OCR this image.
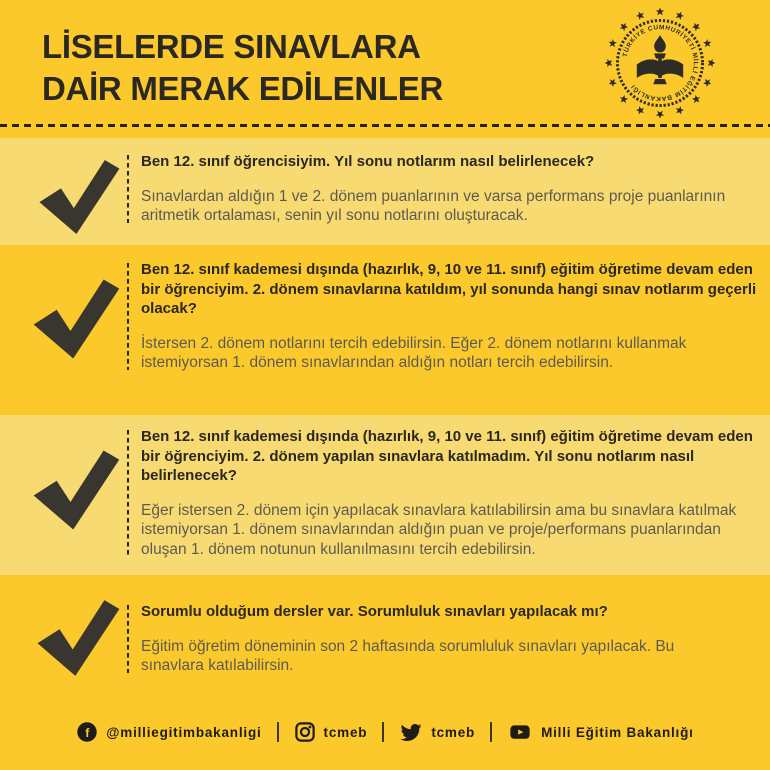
LİSELERDE SINAVLARA
DAİR MERAK EDİLENLER
TÜRKİYE CUMHURİYETİ MİLLİ EĞİTİM BAKANLIĞI
Ben 12. sınıf öğrencisiyim. Yıl sonu notlarım nasıl belirlenecek?
Sınavlardan aldığın 1 ve 2. dönem puanlarının ve varsa performans proje puanlarının aritmetik ortalaması, senin yıl sonu notlarını oluşturacak.
Ben 12. sınıf kademesi dışında (hazırlık, 9, 10 ve 11. sınıf) eğitim öğretime devam eden bir öğrenciyim. 2. dönem sınavlarına katıldım, yıl sonunda hangi sınav notlarım geçerli olacak?
İstersen 2. dönem notlarını tercih edebilirsin. Eğer 2. dönem notlarını kullanmak istemiyorsan 1. dönem sınavlarından aldığın notları tercih edebilirsin.
Ben 12. sınıf kademesi dışında (hazırlık, 9, 10 ve 11. sınıf) eğitim öğretime devam eden bir öğrenciyim. 2. dönem yapılan sınavlara katılmadım. Yıl sonu notlarım nasıl belirlenecek?
Eğer istersen 2. dönem için yapılacak sınavlara katılabilirsin ama bu sınavlara katılmak istemiyorsan 1. dönem sınavlarından aldığın puan ve proje/performans puanlarından oluşan 1. dönem notunun kullanılmasını tercih edebilirsin.
Sorumlu olduğum dersler var. Sorumluluk sınavları yapılacak mı?
Eğitim öğretim döneminin son 2 haftasında sorumluluk sınavları yapılacak. Bu sınavlara katılabilirsin.
f @milliegitimbakanligi	tcmeb	tcmeb	Milli Eğitim Bakanlığı
